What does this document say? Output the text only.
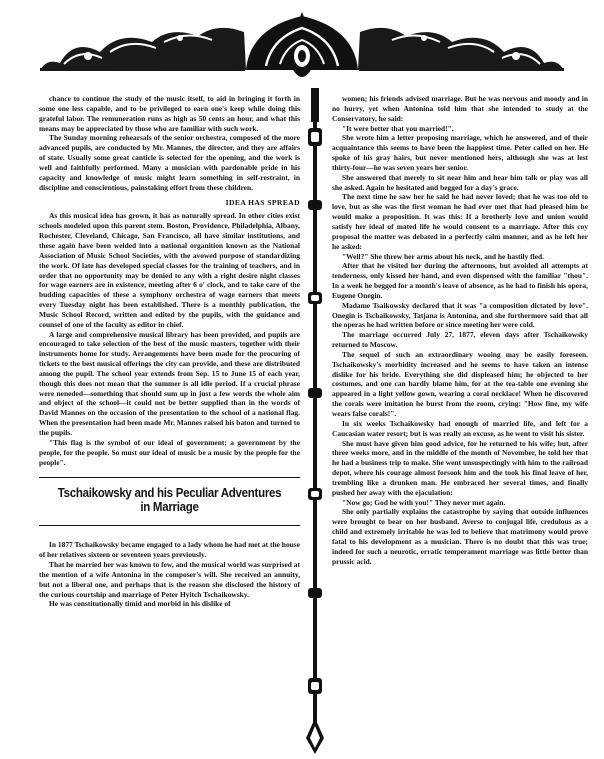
chance to continue the study of the music itself, to aid in bringing it forth in some one less capable, and to be privileged to earn one's keep while doing this grateful labor. The remuneration runs as high as 50 cents an hour, and what this means may be appreciated by those who are familiar with such work.

The Sunday morning rehearsals of the senior orchestra, composed of the more advanced pupils, are conducted by Mr. Mannes, the director, and they are affairs of state. Usually some great canticle is selected for the opening, and the work is well and faithfully performed. Many a musician with pardonable pride in his capacity and knowledge of music might learn something in self-restraint, in discipline and conscientious, painstaking effort from these children.

IDEA HAS SPREAD

As this musical idea has grown, it has as naturally spread. In other cities exist schools modeled upon this parent stem. Boston, Providence, Philadelphia, Albany, Rochester, Cleveland, Chicago, San Francisco, all have similar institutions, and these again have been welded into a national organition known as the National Association of Music School Societies, with the avowed purpose of standardizing the work. Of late has developed special classes for the training of teachers, and in order that no opportunity may be denied to any with a right desire night classes for wage earners are in existence, meeting after 6 o' clock, and to take care of the budding capacities of these a symphony orchestra of wage earners that meets every Tuesday night has been established. There is a monthly publication, the Music School Record, written and edited by the pupils, with the guidance and counsel of one of the faculty as editor in chief.

A large and comprehensive musical library has been provided, and pupils are encouraged to take selection of the best of the music masters, together with their instruments home for study. Arrangements have been made for the procuring of tickets to the best musical offerings the city can provide, and these are distributed among the pupil. The school year extends from Sep. 15 to June 15 of each year, though this does not mean that the summer is all idle period. If a crucial phrase were neneded—something that should sum up in just a few words the whole aim and object of the school—it could not be better supplied than in the words of David Mannes on the occasion of the presentation to the school of a national flag. When the presentation had been made Mr. Mannes raised his baton and turned to the pupils.

"This flag is the symbol of our ideal of government; a government by the people, for the people. So must our ideal of music be a music by the people for the people".

Tschaikowsky and his Peculiar Adventures in Marriage

In 1877 Tschaikowsky became engaged to a lady whom he had met at the house of her relatives sixteen or seventeen years previously.

That he married her was known to few, and the musical world was surprised at the mention of a wife Antonina in the composer's will. She received an annuity, but not a liberal one, and perhaps that is the reason she disclosed the history of the curious courtship and marriage of Peter Hyitch Tschaikowsky.

He was constitutionally timid and morbid in his dislike of

women; his friends advised marriage. But he was nervous and moody and in no hurry, yet when Antonina told him that she intended to study at the Conservatory, he said:

"It were better that you married!".

She wrote him a letter proposing marriage, which he answered, and of their acquaintance this seems to have been the happiest time. Peter called on her. He spoke of his gray hairs, but never mentioned hers, although she was at lest thirty-four—he was seven years her senior.

She answered that merely to sit near him and hear him talk or play was all she asked. Again he hesitated and begged for a day's grace.

The next time he saw her he said he had never loved; that he was too old to love, but as she was the first woman he had ever met that had pleased him he would make a proposition. It was this: If a brotherly love and union would satisfy her ideal of mated life he would consent to a marriage. After this coy proposal the matter was debated in a perfectly calm manner, and as he left her he asked:

"Well?" She threw her arms about his neck, and he hastily fled.

After that he visited her during the afternoons, but avoided all attempts at tenderness, only kissed her hand, and even dispensed with the familiar "thou". In a week he begged for a month's leave of absence, as he had to finish his opera, Eugene Onegin.

Madame Tsaikowsky declared that it was "a composition dictated by love". Onegin is Tschaikowsky, Tatjana is Antonina, and she furthermore said that all the operas he had written before or since meeting her were cold.

The marriage occurred July 27, 1877, eleven days after Tschaikowsky returned to Moscow.

The sequel of such an extraordinary wooing may be easily foreseen. Tschaikowsky's morbidity increased and he seems to have taken an intense dislike for his bride. Everything she did displeased him; he objected to her costumes, and one can hardly blame him, for at the tea-table one evening she appeared in a light yellow gown, wearing a coral necklace! When he discovered the corals were imitation he burst from the room, crying: "How fine, my wife wears false corals!".

In six weeks Tschaikowsky had enough of married life, and left for a Caucasian water resort; but is was really an excuse, as he went to visit his sister.

She must have given him good advice, for he returned to his wife; but, after three weeks more, and in the middle of the month of November, he told her that he had a business trip to make. She went unsuspectingly with him to the railroad depot, where his courage almost forsook him and the took his final leave of her, trembling like a drunken man. He embraced her several times, and finally pushed her away with the ejaculation:

"Now go; God be with you!" They never met again.

She only partially explains the catastrophe by saying that outside influences were brought to bear on her husband. Averse to conjugal life, credulous as a child and extremely irritable he was led to believe that matrimony would prove fatal to his development as a musician. There is no doubt that this was true; indeed for such a neurotic, erratic temperament marriage was little better than prussic acid.
